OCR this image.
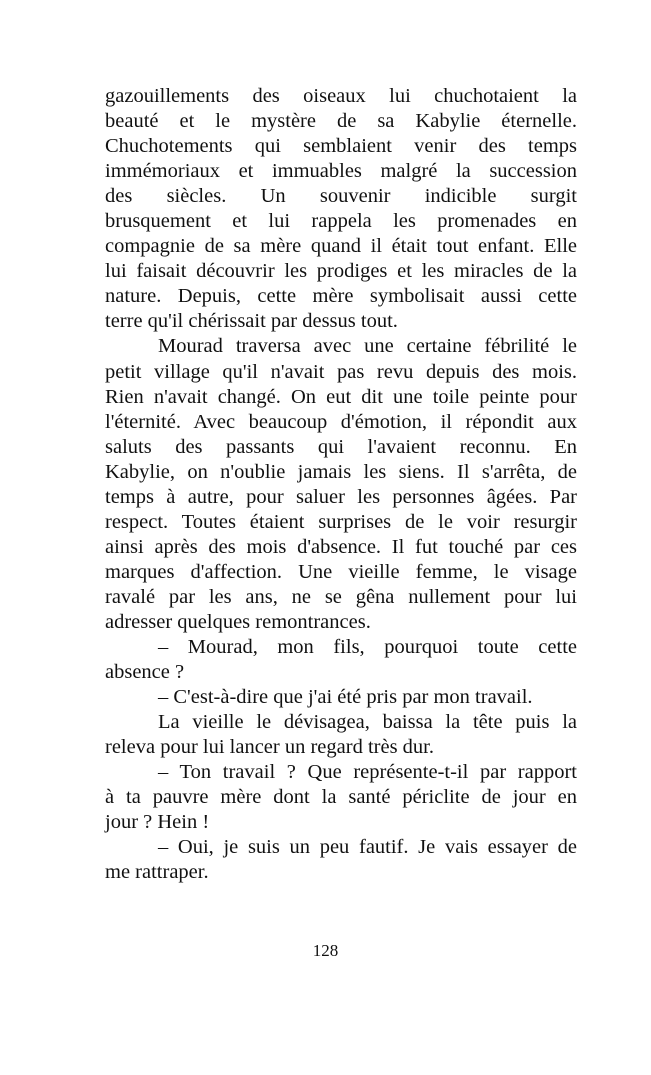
gazouillements des oiseaux lui chuchotaient la
beauté et le mystère de sa Kabylie éternelle.
Chuchotements qui semblaient venir des temps
immémoriaux et immuables malgré la succession
des siècles. Un souvenir indicible surgit
brusquement et lui rappela les promenades en
compagnie de sa mère quand il était tout enfant. Elle
lui faisait découvrir les prodiges et les miracles de la
nature. Depuis, cette mère symbolisait aussi cette
terre qu'il chérissait par dessus tout.
Mourad traversa avec une certaine fébrilité le
petit village qu'il n'avait pas revu depuis des mois.
Rien n'avait changé. On eut dit une toile peinte pour
l'éternité. Avec beaucoup d'émotion, il répondit aux
saluts des passants qui l'avaient reconnu. En
Kabylie, on n'oublie jamais les siens. Il s'arrêta, de
temps à autre, pour saluer les personnes âgées. Par
respect. Toutes étaient surprises de le voir resurgir
ainsi après des mois d'absence. Il fut touché par ces
marques d'affection. Une vieille femme, le visage
ravalé par les ans, ne se gêna nullement pour lui
adresser quelques remontrances.
– Mourad, mon fils, pourquoi toute cette
absence ?
– C'est-à-dire que j'ai été pris par mon travail.
La vieille le dévisagea, baissa la tête puis la
releva pour lui lancer un regard très dur.
– Ton travail ? Que représente-t-il par rapport
à ta pauvre mère dont la santé périclite de jour en
jour ? Hein !
– Oui, je suis un peu fautif. Je vais essayer de
me rattraper.
128
